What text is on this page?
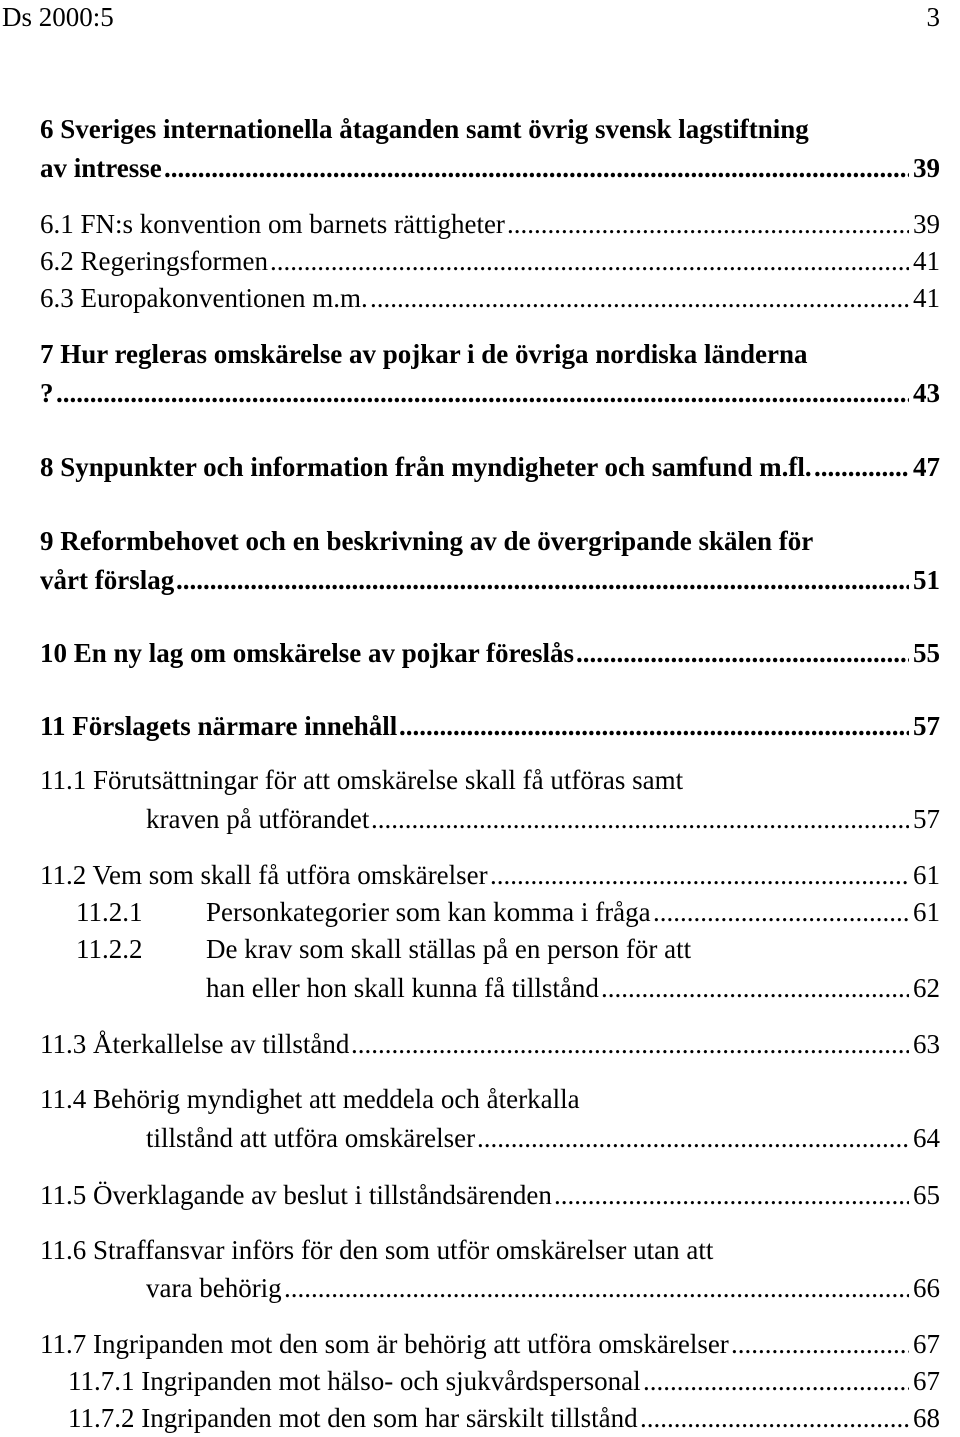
Ds 2000:5	3
6 Sveriges internationella åtaganden samt övrig svensk lagstiftning
av intresse .....	39
6.1 FN:s konvention om barnets rättigheter .....	39
6.2 Regeringsformen .....	41
6.3 Europakonventionen m.m. .....	41
7 Hur regleras omskärelse av pojkar i de övriga nordiska länderna
? .....	43
8 Synpunkter och information från myndigheter och samfund m.fl. .....	47
9 Reformbehovet och en beskrivning av de övergripande skälen för
vårt förslag .....	51
10 En ny lag om omskärelse av pojkar föreslås .....	55
11 Förslagets närmare innehåll .....	57
11.1 Förutsättningar för att omskärelse skall få utföras samt
kraven på utförandet .....	57
11.2 Vem som skall få utföra omskärelser .....	61
11.2.1 Personkategorier som kan komma i fråga .....	61
11.2.2 De krav som skall ställas på en person för att
han eller hon skall kunna få tillstånd .....	62
11.3 Återkallelse av tillstånd .....	63
11.4 Behörig myndighet att meddela och återkalla
tillstånd att utföra omskärelser .....	64
11.5 Överklagande av beslut i tillståndsärenden .....	65
11.6 Straffansvar införs för den som utför omskärelser utan att
vara behörig .....	66
11.7 Ingripanden mot den som är behörig att utföra omskärelser .....	67
11.7.1 Ingripanden mot hälso- och sjukvårdspersonal .....	67
11.7.2 Ingripanden mot den som har särskilt tillstånd .....	68
